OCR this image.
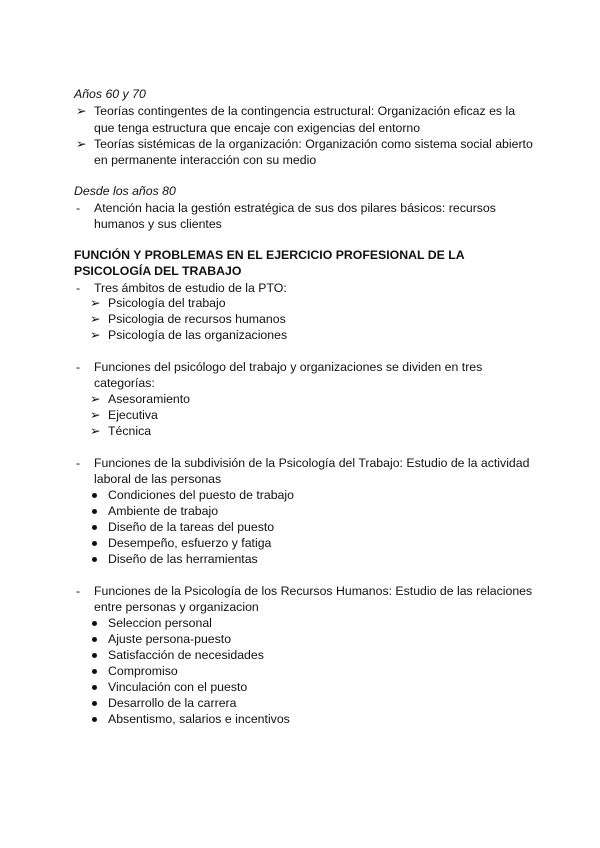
Años 60 y 70
➢ Teorías contingentes de la contingencia estructural: Organización eficaz es la
que tenga estructura que encaje con exigencias del entorno
➢ Teorías sistémicas de la organización: Organización como sistema social abierto
en permanente interacción con su medio
Desde los años 80
- Atención hacia la gestión estratégica de sus dos pilares básicos: recursos
humanos y sus clientes
FUNCIÓN Y PROBLEMAS EN EL EJERCICIO PROFESIONAL DE LA
PSICOLOGÍA DEL TRABAJO
- Tres ámbitos de estudio de la PTO:
➢ Psicología del trabajo
➢ Psicologia de recursos humanos
➢ Psicología de las organizaciones
- Funciones del psicólogo del trabajo y organizaciones se dividen en tres
categorías:
➢ Asesoramiento
➢ Ejecutiva
➢ Técnica
- Funciones de la subdivisión de la Psicología del Trabajo: Estudio de la actividad
laboral de las personas
Condiciones del puesto de trabajo
Ambiente de trabajo
Diseño de la tareas del puesto
Desempeño, esfuerzo y fatiga
Diseño de las herramientas
- Funciones de la Psicología de los Recursos Humanos: Estudio de las relaciones
entre personas y organizacion
Seleccion personal
Ajuste persona-puesto
Satisfacción de necesidades
Compromiso
Vinculación con el puesto
Desarrollo de la carrera
Absentismo, salarios e incentivos
